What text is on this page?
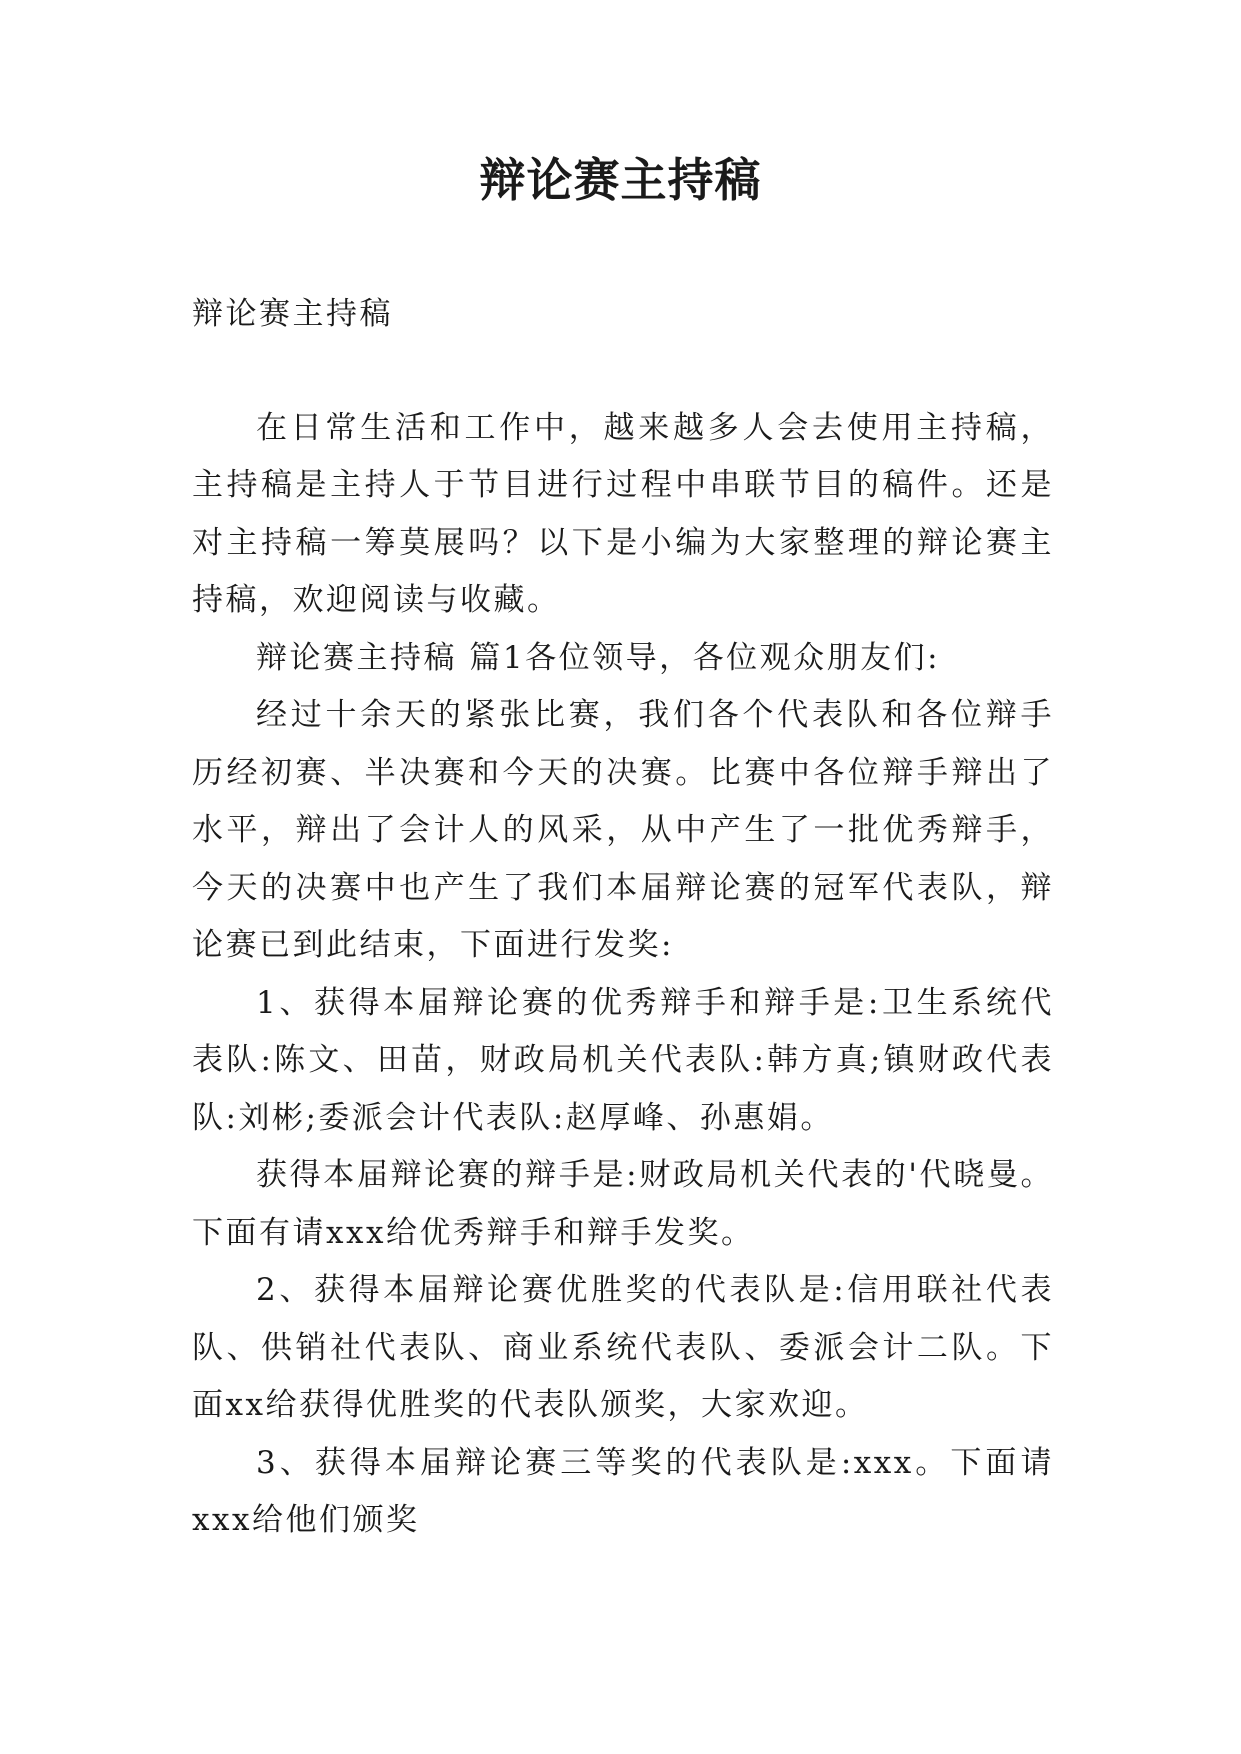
辩论赛主持稿

辩论赛主持稿

在日常生活和工作中，越来越多人会去使用主持稿，主持稿是主持人于节目进行过程中串联节目的稿件。还是对主持稿一筹莫展吗？以下是小编为大家整理的辩论赛主持稿，欢迎阅读与收藏。

辩论赛主持稿 篇1各位领导，各位观众朋友们:

经过十余天的紧张比赛，我们各个代表队和各位辩手历经初赛、半决赛和今天的决赛。比赛中各位辩手辩出了水平，辩出了会计人的风采，从中产生了一批优秀辩手，今天的决赛中也产生了我们本届辩论赛的冠军代表队，辩论赛已到此结束，下面进行发奖:

1、获得本届辩论赛的优秀辩手和辩手是:卫生系统代表队:陈文、田苗，财政局机关代表队:韩方真;镇财政代表队:刘彬;委派会计代表队:赵厚峰、孙惠娟。

获得本届辩论赛的辩手是:财政局机关代表的'代晓曼。下面有请xxx给优秀辩手和辩手发奖。

2、获得本届辩论赛优胜奖的代表队是:信用联社代表队、供销社代表队、商业系统代表队、委派会计二队。下面xx给获得优胜奖的代表队颁奖，大家欢迎。

3、获得本届辩论赛三等奖的代表队是:xxx。下面请xxx给他们颁奖
